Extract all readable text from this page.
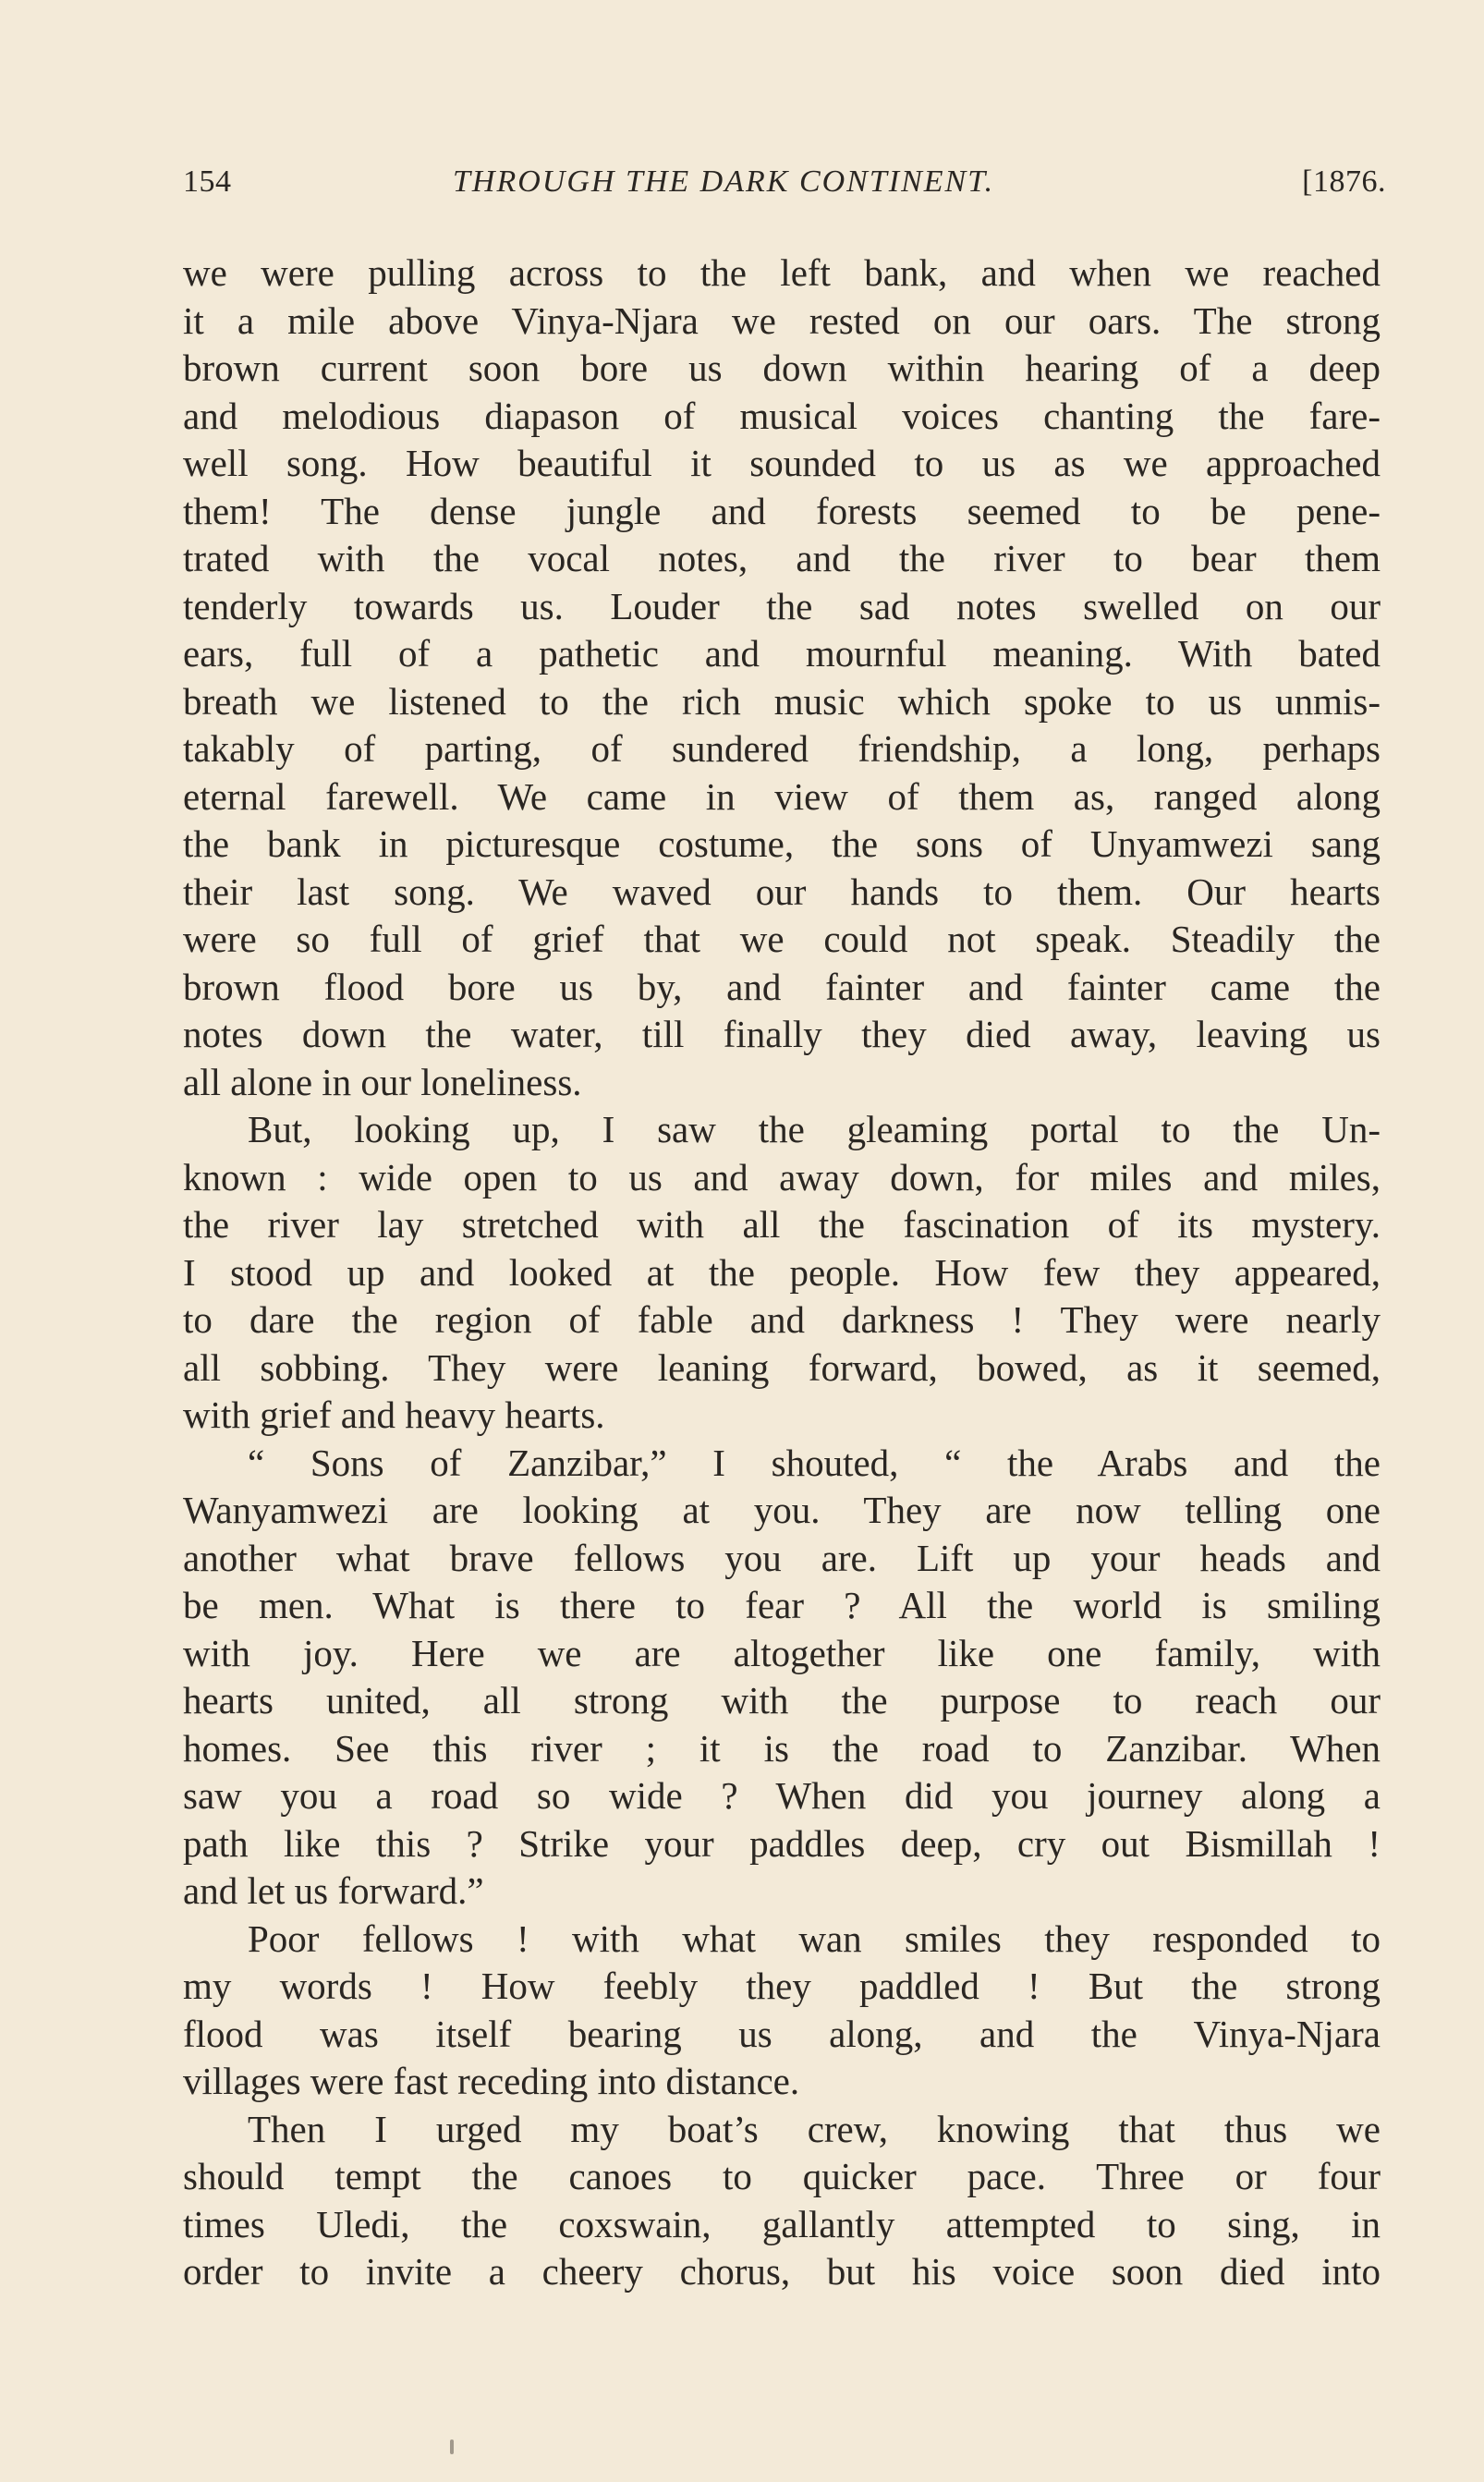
154	THROUGH THE DARK CONTINENT.	[1876.
we were pulling across to the left bank, and when we reached
it a mile above Vinya-Njara we rested on our oars. The strong
brown current soon bore us down within hearing of a deep
and melodious diapason of musical voices chanting the fare-
well song. How beautiful it sounded to us as we approached
them! The dense jungle and forests seemed to be pene-
trated with the vocal notes, and the river to bear them
tenderly towards us. Louder the sad notes swelled on our
ears, full of a pathetic and mournful meaning. With bated
breath we listened to the rich music which spoke to us unmis-
takably of parting, of sundered friendship, a long, perhaps
eternal farewell. We came in view of them as, ranged along
the bank in picturesque costume, the sons of Unyamwezi sang
their last song. We waved our hands to them. Our hearts
were so full of grief that we could not speak. Steadily the
brown flood bore us by, and fainter and fainter came the
notes down the water, till finally they died away, leaving us
all alone in our loneliness.
But, looking up, I saw the gleaming portal to the Un-
known : wide open to us and away down, for miles and miles,
the river lay stretched with all the fascination of its mystery.
I stood up and looked at the people. How few they appeared,
to dare the region of fable and darkness ! They were nearly
all sobbing. They were leaning forward, bowed, as it seemed,
with grief and heavy hearts.
“ Sons of Zanzibar,” I shouted, “ the Arabs and the
Wanyamwezi are looking at you. They are now telling one
another what brave fellows you are. Lift up your heads and
be men. What is there to fear ? All the world is smiling
with joy. Here we are altogether like one family, with
hearts united, all strong with the purpose to reach our
homes. See this river ; it is the road to Zanzibar. When
saw you a road so wide ? When did you journey along a
path like this ? Strike your paddles deep, cry out Bismillah !
and let us forward.”
Poor fellows ! with what wan smiles they responded to
my words ! How feebly they paddled ! But the strong
flood was itself bearing us along, and the Vinya-Njara
villages were fast receding into distance.
Then I urged my boat’s crew, knowing that thus we
should tempt the canoes to quicker pace. Three or four
times Uledi, the coxswain, gallantly attempted to sing, in
order to invite a cheery chorus, but his voice soon died into
